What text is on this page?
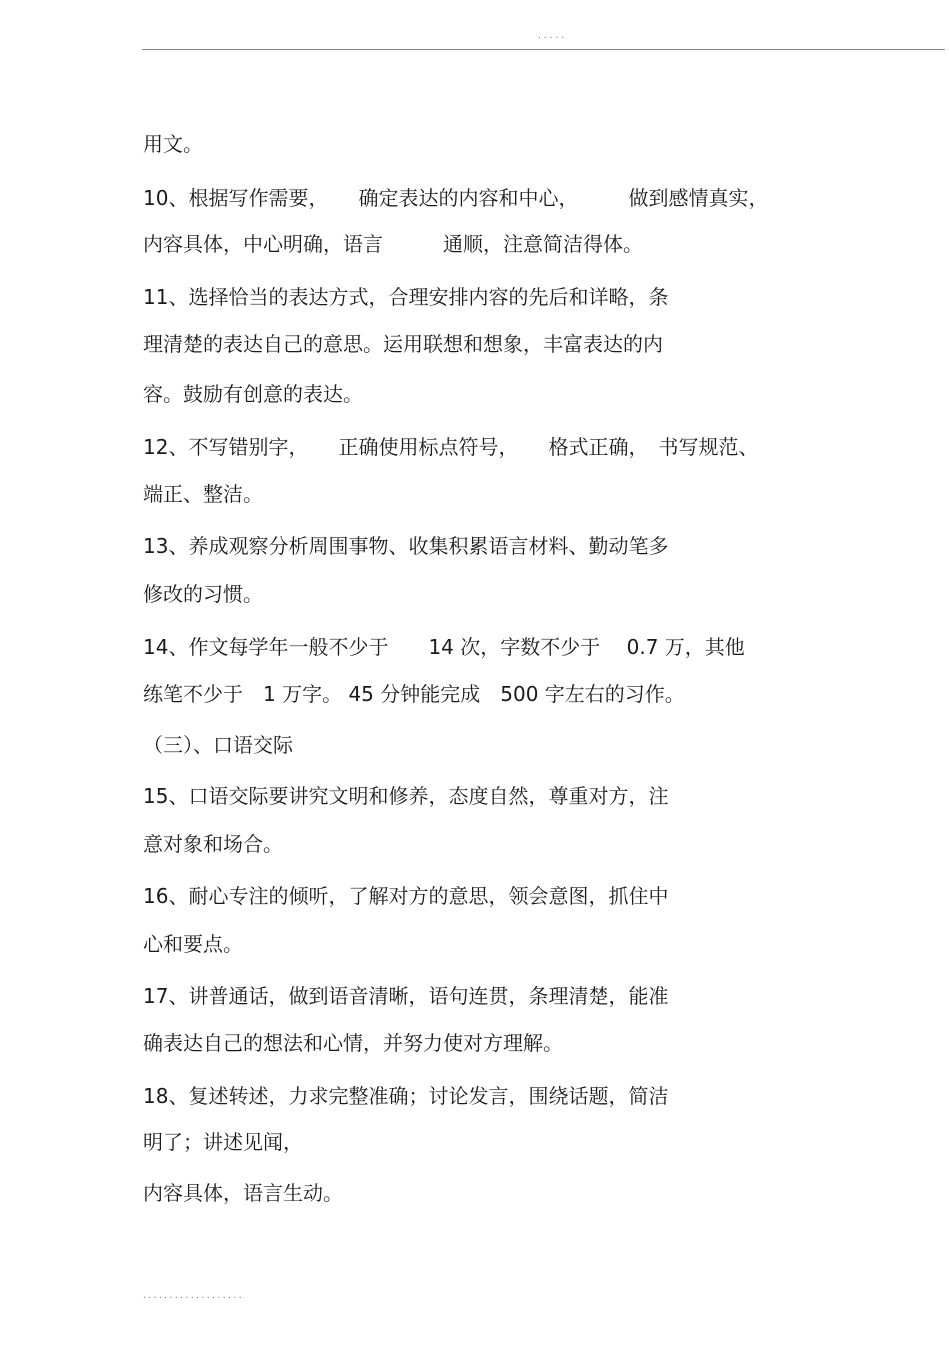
.....
用文。
10、根据写作需要，　　确定表达的内容和中心，　　　做到感情真实，
内容具体，中心明确，语言　　　通顺，注意简洁得体。
11、选择恰当的表达方式，合理安排内容的先后和详略，条
理清楚的表达自己的意思。运用联想和想象，丰富表达的内
容。鼓励有创意的表达。
12、不写错别字，　　正确使用标点符号，　　格式正确，　书写规范、
端正、整洁。
13、养成观察分析周围事物、收集积累语言材料、勤动笔多
修改的习惯。
14、作文每学年一般不少于　　14 次，字数不少于　 0.7 万，其他
练笔不少于　1 万字。 45 分钟能完成　500 字左右的习作。
（三）、口语交际
15、口语交际要讲究文明和修养，态度自然，尊重对方，注
意对象和场合。
16、耐心专注的倾听，了解对方的意思，领会意图，抓住中
心和要点。
17、讲普通话，做到语音清晰，语句连贯，条理清楚，能准
确表达自己的想法和心情，并努力使对方理解。
18、复述转述，力求完整准确；讨论发言，围绕话题，简洁
明了；讲述见闻，
内容具体，语言生动。
...................
